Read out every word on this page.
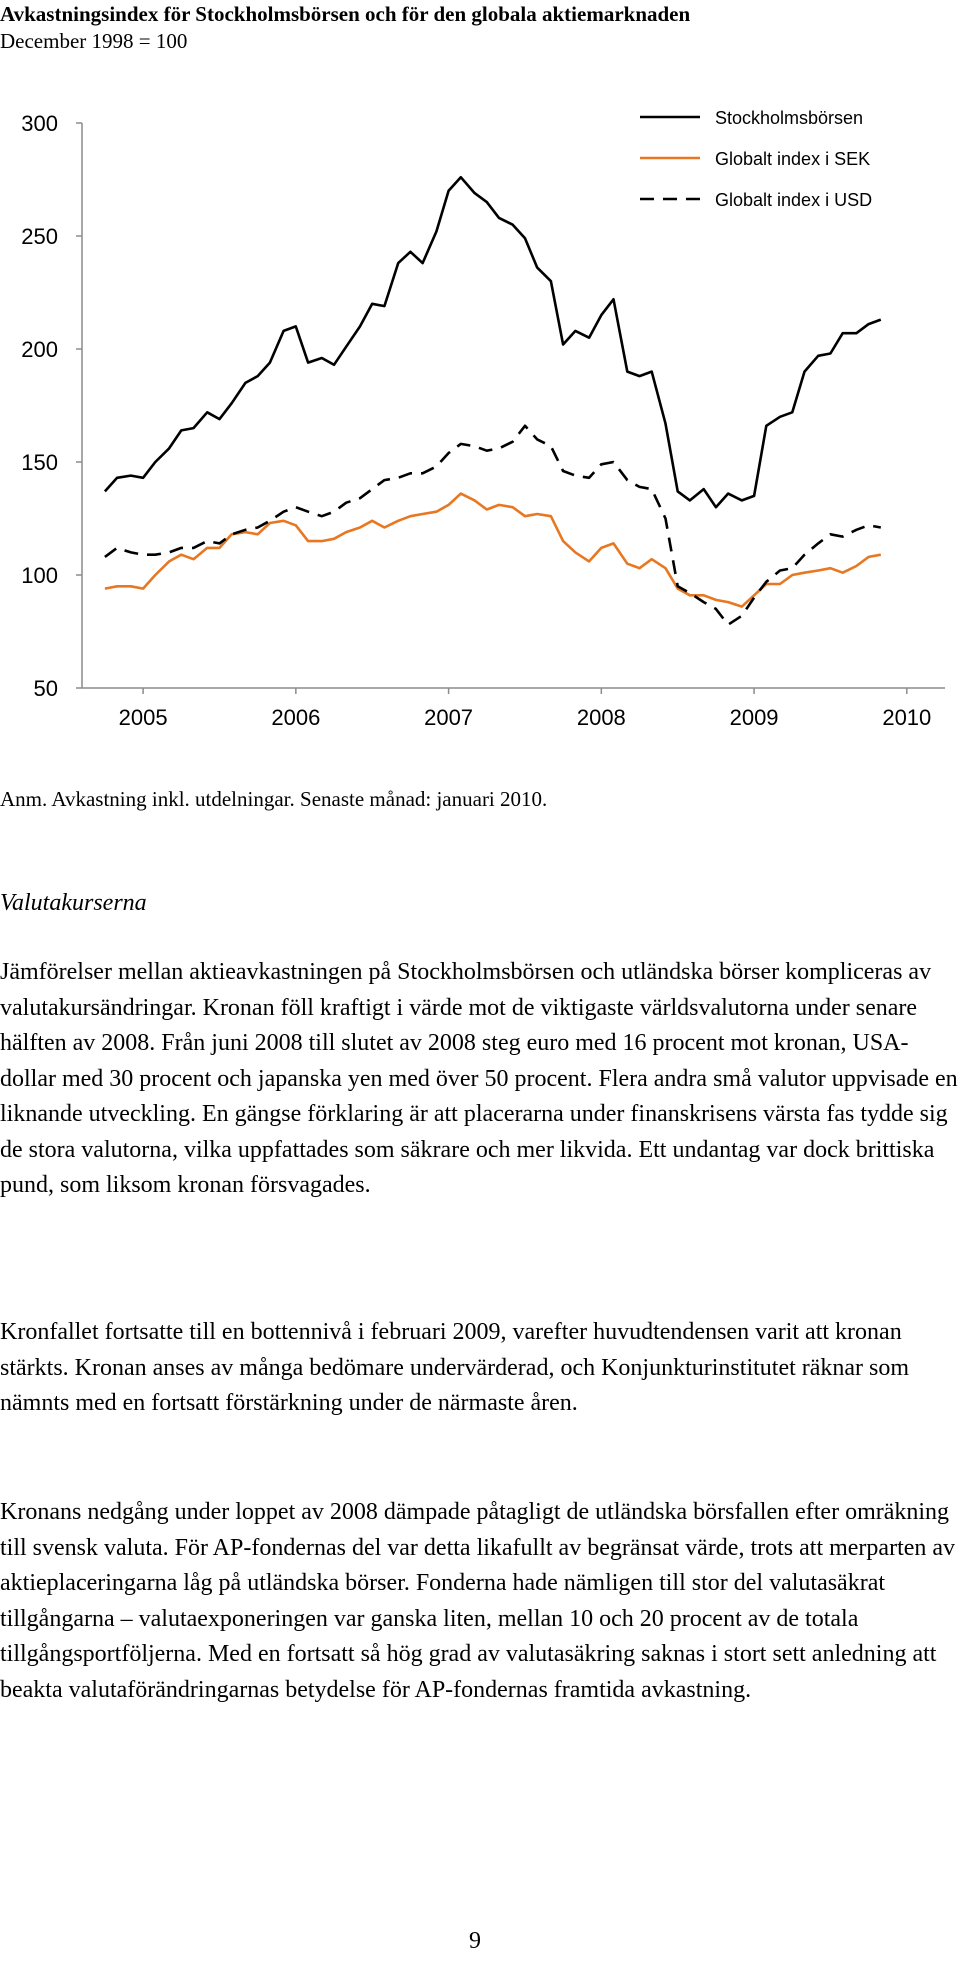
Avkastningsindex för Stockholmsbörsen och för den globala aktiemarknaden

December 1998 = 100

50
100
150
200
250
300
2005	2006	2007	2008	2009	2010
Stockholmsbörsen
Globalt index i SEK
Globalt index i USD

Anm. Avkastning inkl. utdelningar. Senaste månad: januari 2010.

Valutakurserna

Jämförelser mellan aktieavkastningen på Stockholmsbörsen och utländska börser kompliceras av valutakursändringar. Kronan föll kraftigt i värde mot de viktigaste världsvalutorna under senare hälften av 2008. Från juni 2008 till slutet av 2008 steg euro med 16 procent mot kronan, USA-dollar med 30 procent och japanska yen med över 50 procent. Flera andra små valutor uppvisade en liknande utveckling. En gängse förklaring är att placerarna under finanskrisens värsta fas tydde sig de stora valutorna, vilka uppfattades som säkrare och mer likvida. Ett undantag var dock brittiska pund, som liksom kronan försvagades.

Kronfallet fortsatte till en bottennivå i februari 2009, varefter huvudtendensen varit att kronan stärkts. Kronan anses av många bedömare undervärderad, och Konjunkturinstitutet räknar som nämnts med en fortsatt förstärkning under de närmaste åren.

Kronans nedgång under loppet av 2008 dämpade påtagligt de utländska börsfallen efter omräkning till svensk valuta. För AP-fondernas del var detta likafullt av begränsat värde, trots att merparten av aktieplaceringarna låg på utländska börser. Fonderna hade nämligen till stor del valutasäkrat tillgångarna – valutaexponeringen var ganska liten, mellan 10 och 20 procent av de totala tillgångsportföljerna. Med en fortsatt så hög grad av valutasäkring saknas i stort sett anledning att beakta valutaförändringarnas betydelse för AP-fondernas framtida avkastning.

9
